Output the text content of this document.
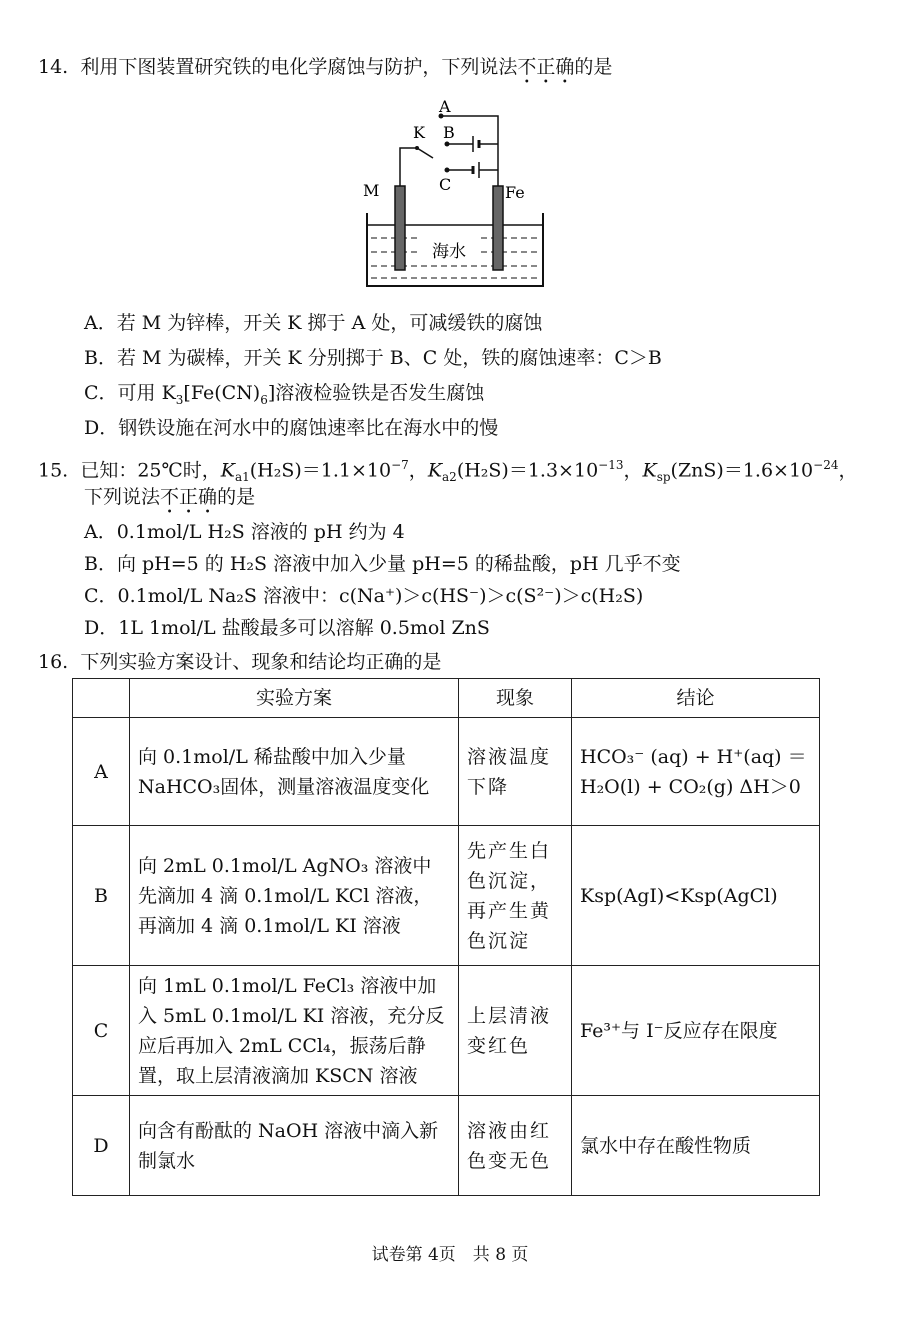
14. 利用下图装置研究铁的电化学腐蚀与防护，下列说法不正确的是
海水
A
B
C
K
M	Fe
A．若 M 为锌棒，开关 K 掷于 A 处，可减缓铁的腐蚀
B．若 M 为碳棒，开关 K 分别掷于 B、C 处，铁的腐蚀速率：C＞B
C．可用 $K_3[Fe(CN)_6]$溶液检验铁是否发生腐蚀
D．钢铁设施在河水中的腐蚀速率比在海水中的慢
15. 已知：25℃时，$K_{a1}(H_2S)=1.1\times 10^{-7}$，$K_{a2}(H_2S)=1.3\times 10^{-13}$，$K_{sp}(ZnS)=1.6\times 10^{-24}$，
下列说法不正确的是
A．0.1mol/L H₂S 溶液的 pH 约为 4
B．向 pH=5 的 H₂S 溶液中加入少量 pH=5 的稀盐酸，pH 几乎不变
C．0.1mol/L Na₂S 溶液中：c(Na⁺)＞c(HS⁻)＞c(S²⁻)＞c(H₂S)
D．1L 1mol/L 盐酸最多可以溶解 0.5mol ZnS
16. 下列实验方案设计、现象和结论均正确的是
	实验方案	现象	结论
A	向 0.1mol/L 稀盐酸中加入少量 NaHCO₃固体，测量溶液温度变化	溶液温度下降	HCO₃⁻ (aq) + H⁺(aq) ＝ H₂O(l) + CO₂(g) ΔH＞0
B	向 2mL 0.1mol/L AgNO₃ 溶液中先滴加 4 滴 0.1mol/L KCl 溶液，再滴加 4 滴 0.1mol/L KI 溶液	先产生白色沉淀，再产生黄色沉淀	Ksp(AgI)<Ksp(AgCl)
C	向 1mL 0.1mol/L FeCl₃ 溶液中加入 5mL 0.1mol/L KI 溶液，充分反应后再加入 2mL CCl₄，振荡后静置，取上层清液滴加 KSCN 溶液	上层清液变红色	Fe³⁺与 I⁻反应存在限度
D	向含有酚酞的 NaOH 溶液中滴入新制氯水	溶液由红色变无色	氯水中存在酸性物质
试卷第 4页　共 8 页
